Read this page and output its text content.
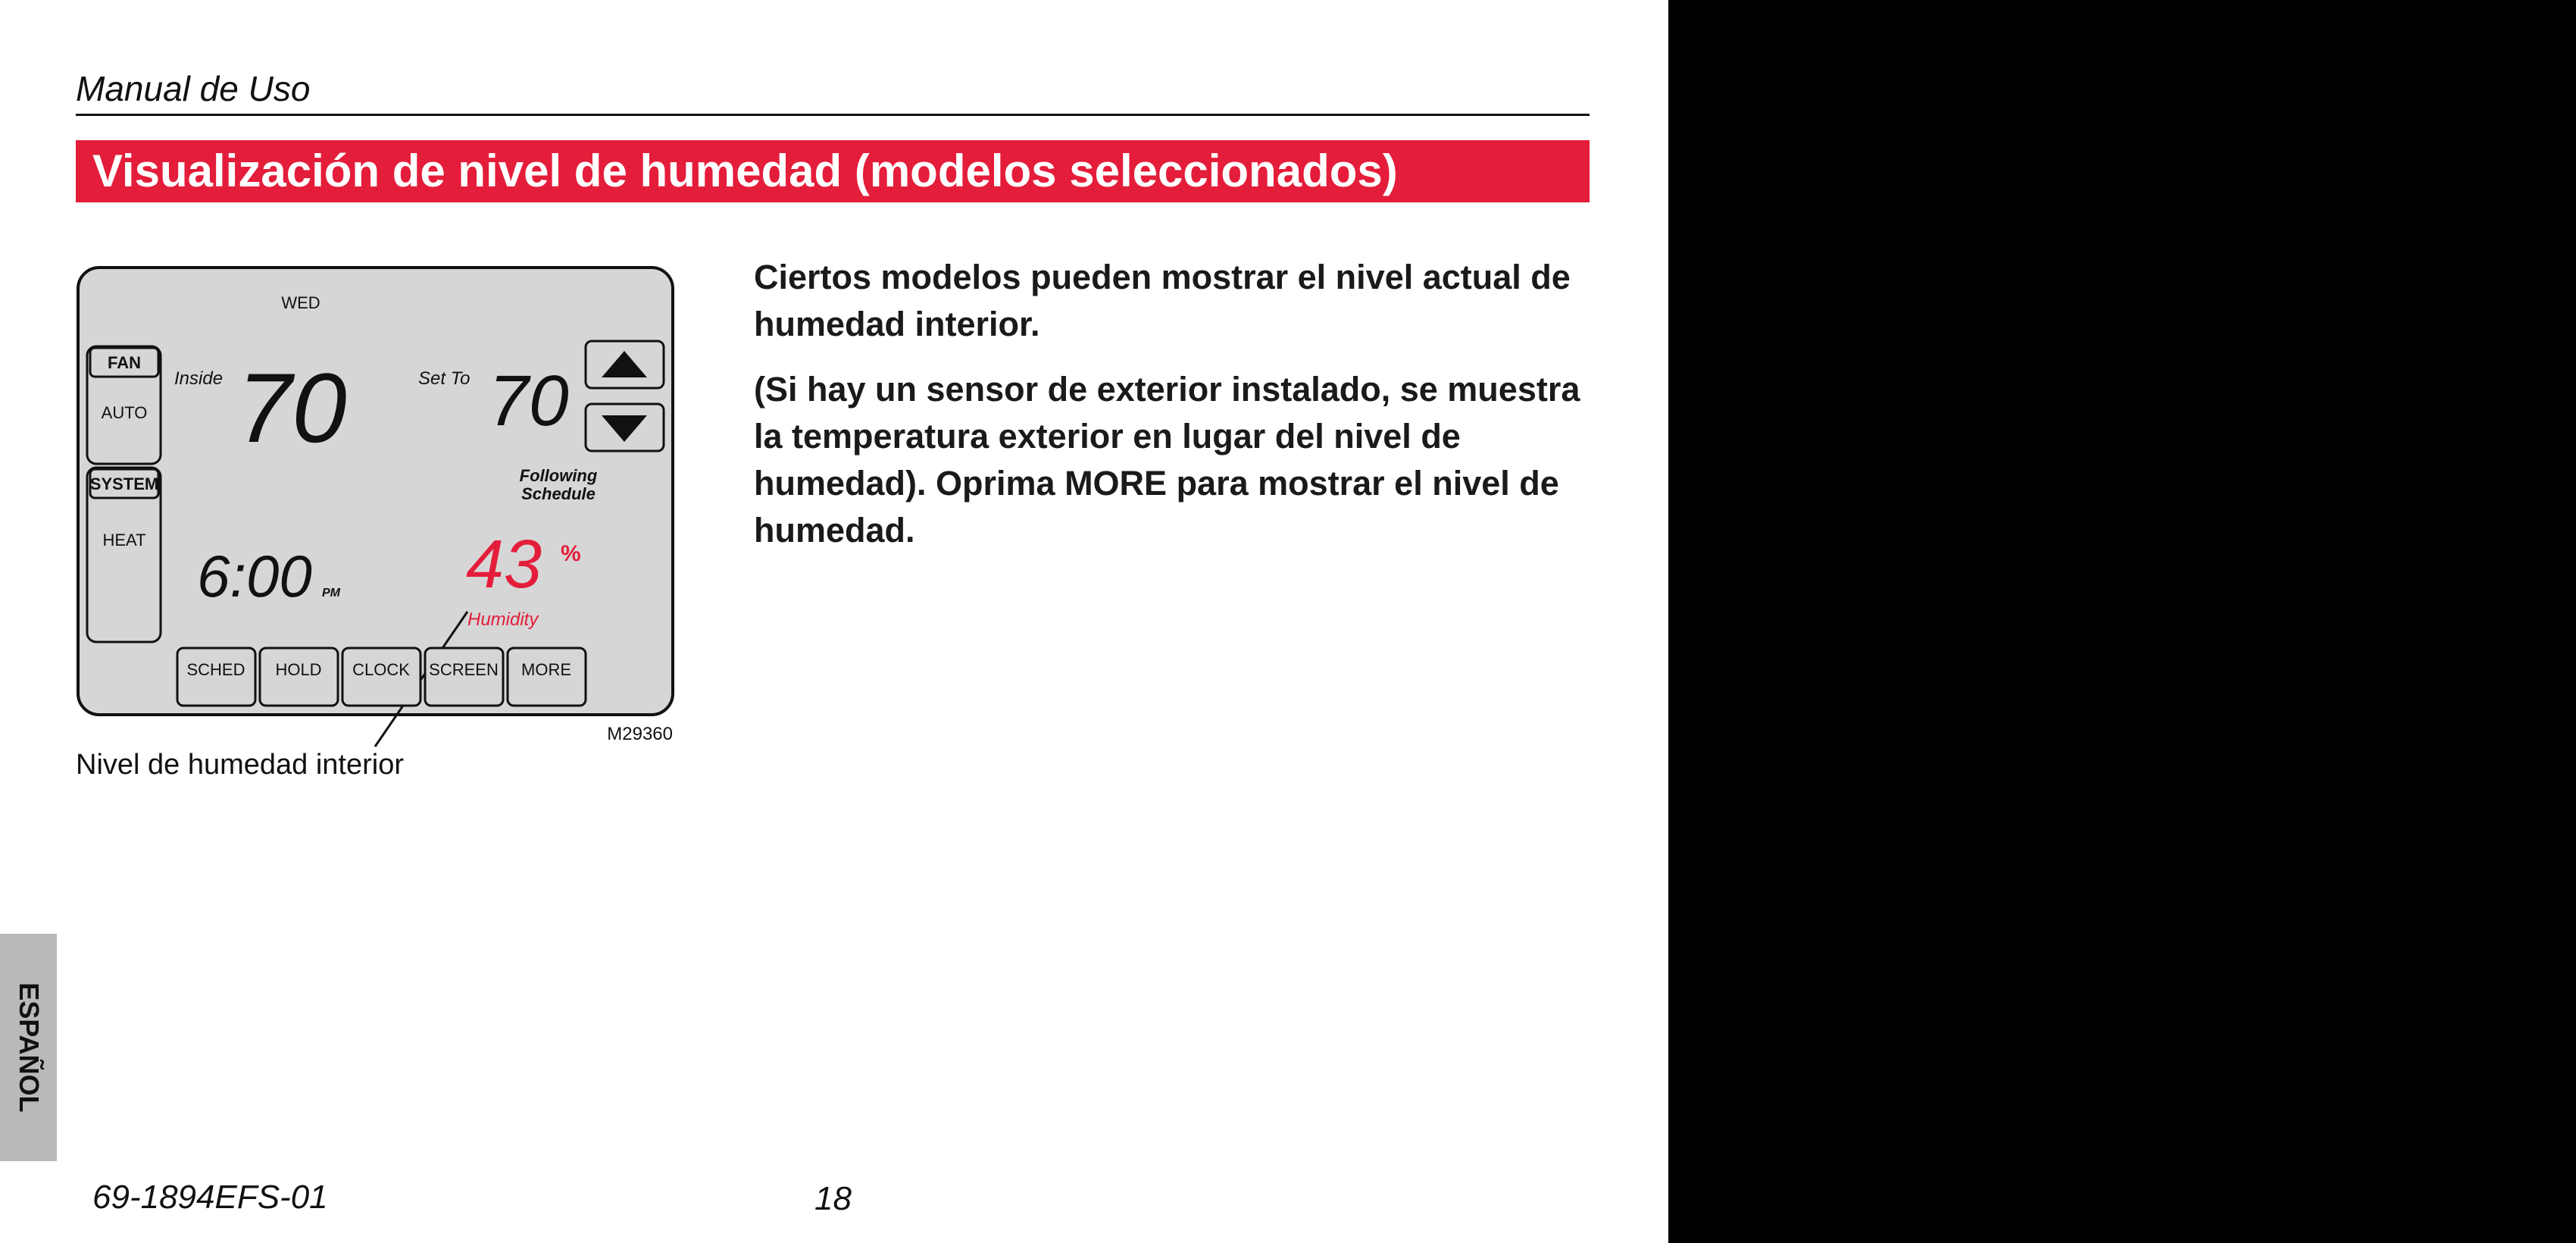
Manual de Uso
Visualización de nivel de humedad (modelos seleccionados)
WED
FAN
AUTO
SYSTEM
HEAT
Inside 70	Set To 70
Following
Schedule
6:00 PM 43 %
Humidity
SCHED HOLD CLOCK SCREEN MORE
M29360
Nivel de humedad interior

Ciertos modelos pueden mostrar el nivel actual de humedad interior.

(Si hay un sensor de exterior instalado, se muestra la temperatura exterior en lugar del nivel de humedad). Oprima MORE para mostrar el nivel de humedad.

ESPAÑOL
69-1894EFS-01	18
